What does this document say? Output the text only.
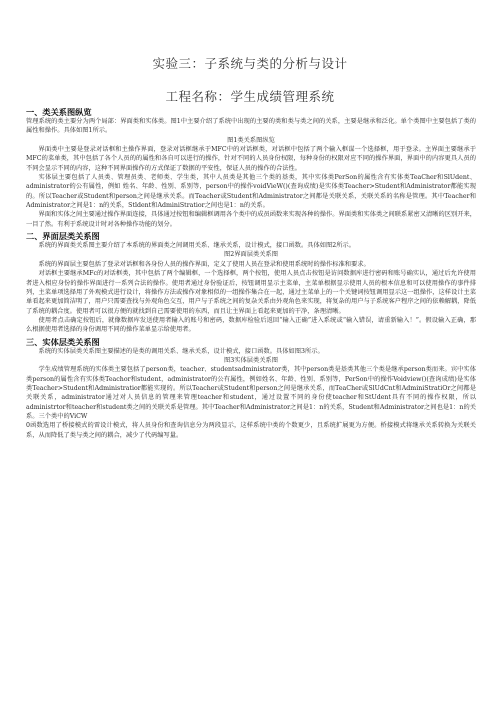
实验三：子系统与类的分析与设计
工程名称：学生成绩管理系统
一、类关系图纵览
管理系统的类主要分为两个局部：界面类和实体类。图1中主要介绍了系统中出现的主要的类和类与类之间的关系，主要是继承和泛化。单个类图中主要包括了类的属性和操作。具体如图1所示。
图1类关系图纵览
界面类中主要是登录对话框和主操作界面，登录对话框继承于MFC中的对话框类，对话框中包括了两个输入框谋一个选择框，用于登录。主界面主要继承于MFC的菜单类，其中包括了各个人员的的属性和各自可以进行的操作，针对不同的人员身份权限，每种身份的权限对应不同的操作界面，界面中的内容更具人员的不同会显示不同的内容，这种不同界面操作的方式保证了数据的平安性，保证人员的操作的合法性。
实体层主要包括了人员类、管理员类、老师类、学生类，其中人员类是其他三个类的基类，其中实体类PerSon的属性含有实体类TeaCher和SlUdent、administrator的公有属性，例如 姓名、年龄、性别、系别等，person中的操作voidVieW()(查询成绩)是实体类Teacher>Student和Administrator都能实现的。所以Teacher或Student和person之间是继承关系。而Teacher或Student和Administrator之间都是关联关系，关联关系的名称是管理。其中Teacher和Administrator之间是1：n的关系，Stldent和AdminiStratior之间也是1：n的关系。
界面和实体之间主要通过操作界面连接，具体通过按钮和编辑框调用各个类中的成员函数来实现各种的操作。界面类和实体类之间联系紧密又清晰的区别开来，一目了然。有利于系统设计时对各种操作功能的划分。
二、界面层类关系图
系统的界面类关系图主要介绍了本系统的界面类之间调用关系、继承关系，设计模式，接口函数。具体如图2所示。
图2界面层类关系图
系统的界面层主要包括了登录对话框和各身份人员的操作界面，定义了使用人员在登录和使用系统时的操作标准和要求。
对话框主要继承MFc的对话框类，其中包括了两个编辑框，一个选择框，两个按钮，使用人员点击按钮是访问数据库进行密码和账号确实认，通过后允许使用者进入相应身份的操作界面进行一系列合法的操作。使用者通过身份验证后，按钮调用显示主菜单，主菜单根据显示使用人员的根本信息和可以使用操作的事件排列，主菜单项选择用了外观模式进行设计，将操作方法或操作对象相似的一组操作集合在一起，通过主菜单上的一个关键词按钮调用显示这一组操作，这样设计主菜单看起来更加简洁明了，用户只需要查找与外观角色交互，用户与子系统之间的复杂关系由外观角色来实现，将复杂的用户与子系统客户程序之间的依赖解耦，降低了系统的耦合度。使用者可以很方便的就找到自己需要使用的东西，而且让主界面上看起来更加的干净，条理清晰。
使用者点击确定按钮后，就像数据库发送使用者输入的账号和密码，数据库检验后返回“输入正确”进入系统或“输入错误，请重新输入！”。假设输入正确，那么根据使用者选择的身份调用不同的操作菜单显示给使用者。
三、实体层类关系图
系统的实体层类关系图主要描述的是类的调用关系、继承关系，设计模式，接口函数。具体如图3所示。
图3实体层类关系图
学生成绩管理系统的实体类主要包括了person类，teacher、studentsadministrator类，其中person类是基类其他三个类是继承person类而来。宾中实体类person的属性含有实体类Teachor和student，administrator的公有属性，例如姓名、年龄、性别、系别等，PerSon中的操作Voidview()(查询成绩)是实体类Teacher>Student和Administratior都能实现的。所以Teacher或Student和person之间是继承关系，而TeaCher或SlUdCnt和AdminiStratiOr之间都是关联关系，administrator通过对人员信息的管理来管理teacher和student，通过设置不同的身份使teacher和StUdent具有不同的操作权限，所以administrtor和teacher和student类之间的关联关系是管理。其中Teacher和Administrator之间是1：n的关系，Student和Administrator之间也是1：n的关系。三个类中的ViCW
0函数选用了桥接模式的雷设计模式，将人员身份和查询信息分为两段显示，这样系统中类的个数更少，且系统扩展更为方便。桥接模式将继承关系转换为关联关系，从而降低了类与类之间的耦合，减少了代码编写量。
